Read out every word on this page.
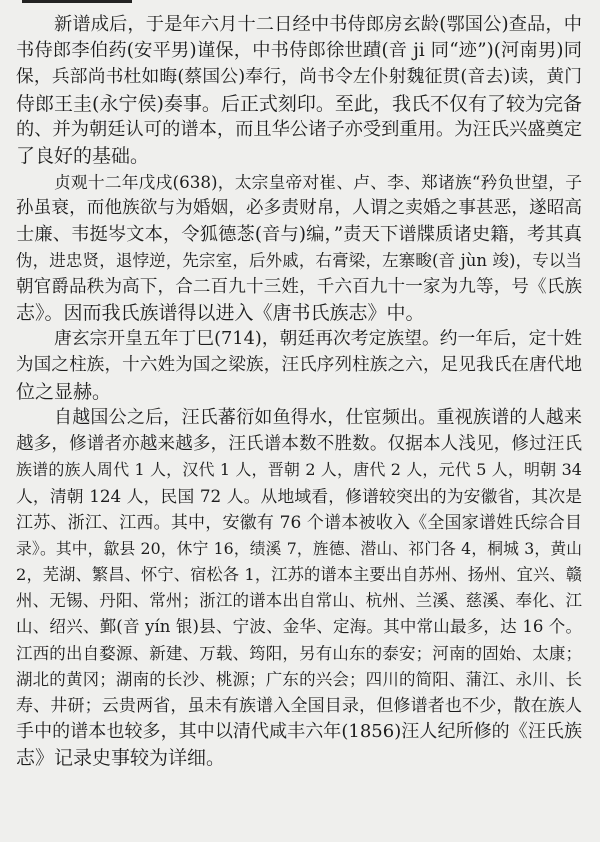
新谱成后，于是年六月十二日经中书侍郎房玄龄(鄂国公)查品，中
书侍郎李伯药(安平男)谨保，中书侍郎徐世蹟(音 ji 同“迹”)(河南男)同
保，兵部尚书杜如晦(蔡国公)奉行，尚书令左仆射魏征贯(音去)读，黄门
侍郎王圭(永宁侯)奏事。后正式刻印。至此，我氏不仅有了较为完备
的、并为朝廷认可的谱本，而且华公诸子亦受到重用。为汪氏兴盛奠定
了良好的基础。
贞观十二年戊戌(638)，太宗皇帝对崔、卢、李、郑诸族“矜负世望，子
孙虽衰，而他族欲与为婚姻，必多责财帛，人谓之卖婚之事甚恶，遂昭高
士廉、韦挺岑文本，令狐德菍(音与)编，”责天下谱牒质诸史籍，考其真
伪，进忠贤，退悖逆，先宗室，后外戚，右膏梁，左寨畯(音 jùn 竣)，专以当
朝官爵品秩为高下，合二百九十三姓，千六百九十一家为九等，号《氏族
志》。因而我氏族谱得以进入《唐书氏族志》中。
唐玄宗开皇五年丁巳(714)，朝廷再次考定族望。约一年后，定十姓
为国之柱族，十六姓为国之梁族，汪氏序列柱族之六，足见我氏在唐代地
位之显赫。
自越国公之后，汪氏蕃衍如鱼得水，仕宦频出。重视族谱的人越来
越多，修谱者亦越来越多，汪氏谱本数不胜数。仅据本人浅见，修过汪氏
族谱的族人周代 1 人，汉代 1 人，晋朝 2 人，唐代 2 人，元代 5 人，明朝 34
人，清朝 124 人，民国 72 人。从地域看，修谱较突出的为安徽省，其次是
江苏、浙江、江西。其中，安徽有 76 个谱本被收入《全国家谱姓氏综合目
录》。其中，歙县 20，休宁 16，绩溪 7，旌德、潜山、祁门各 4，桐城 3，黄山
2，芜湖、繁昌、怀宁、宿松各 1，江苏的谱本主要出自苏州、扬州、宜兴、赣
州、无锡、丹阳、常州；浙江的谱本出自常山、杭州、兰溪、慈溪、奉化、江
山、绍兴、鄞(音 yín 银)县、宁波、金华、定海。其中常山最多，达 16 个。
江西的出自婺源、新建、万载、筠阳，另有山东的泰安；河南的固始、太康；
湖北的黄冈；湖南的长沙、桃源；广东的兴会；四川的简阳、蒲江、永川、长
寿、井研；云贵两省，虽未有族谱入全国目录，但修谱者也不少，散在族人
手中的谱本也较多，其中以清代咸丰六年(1856)汪人纪所修的《汪氏族
志》记录史事较为详细。
